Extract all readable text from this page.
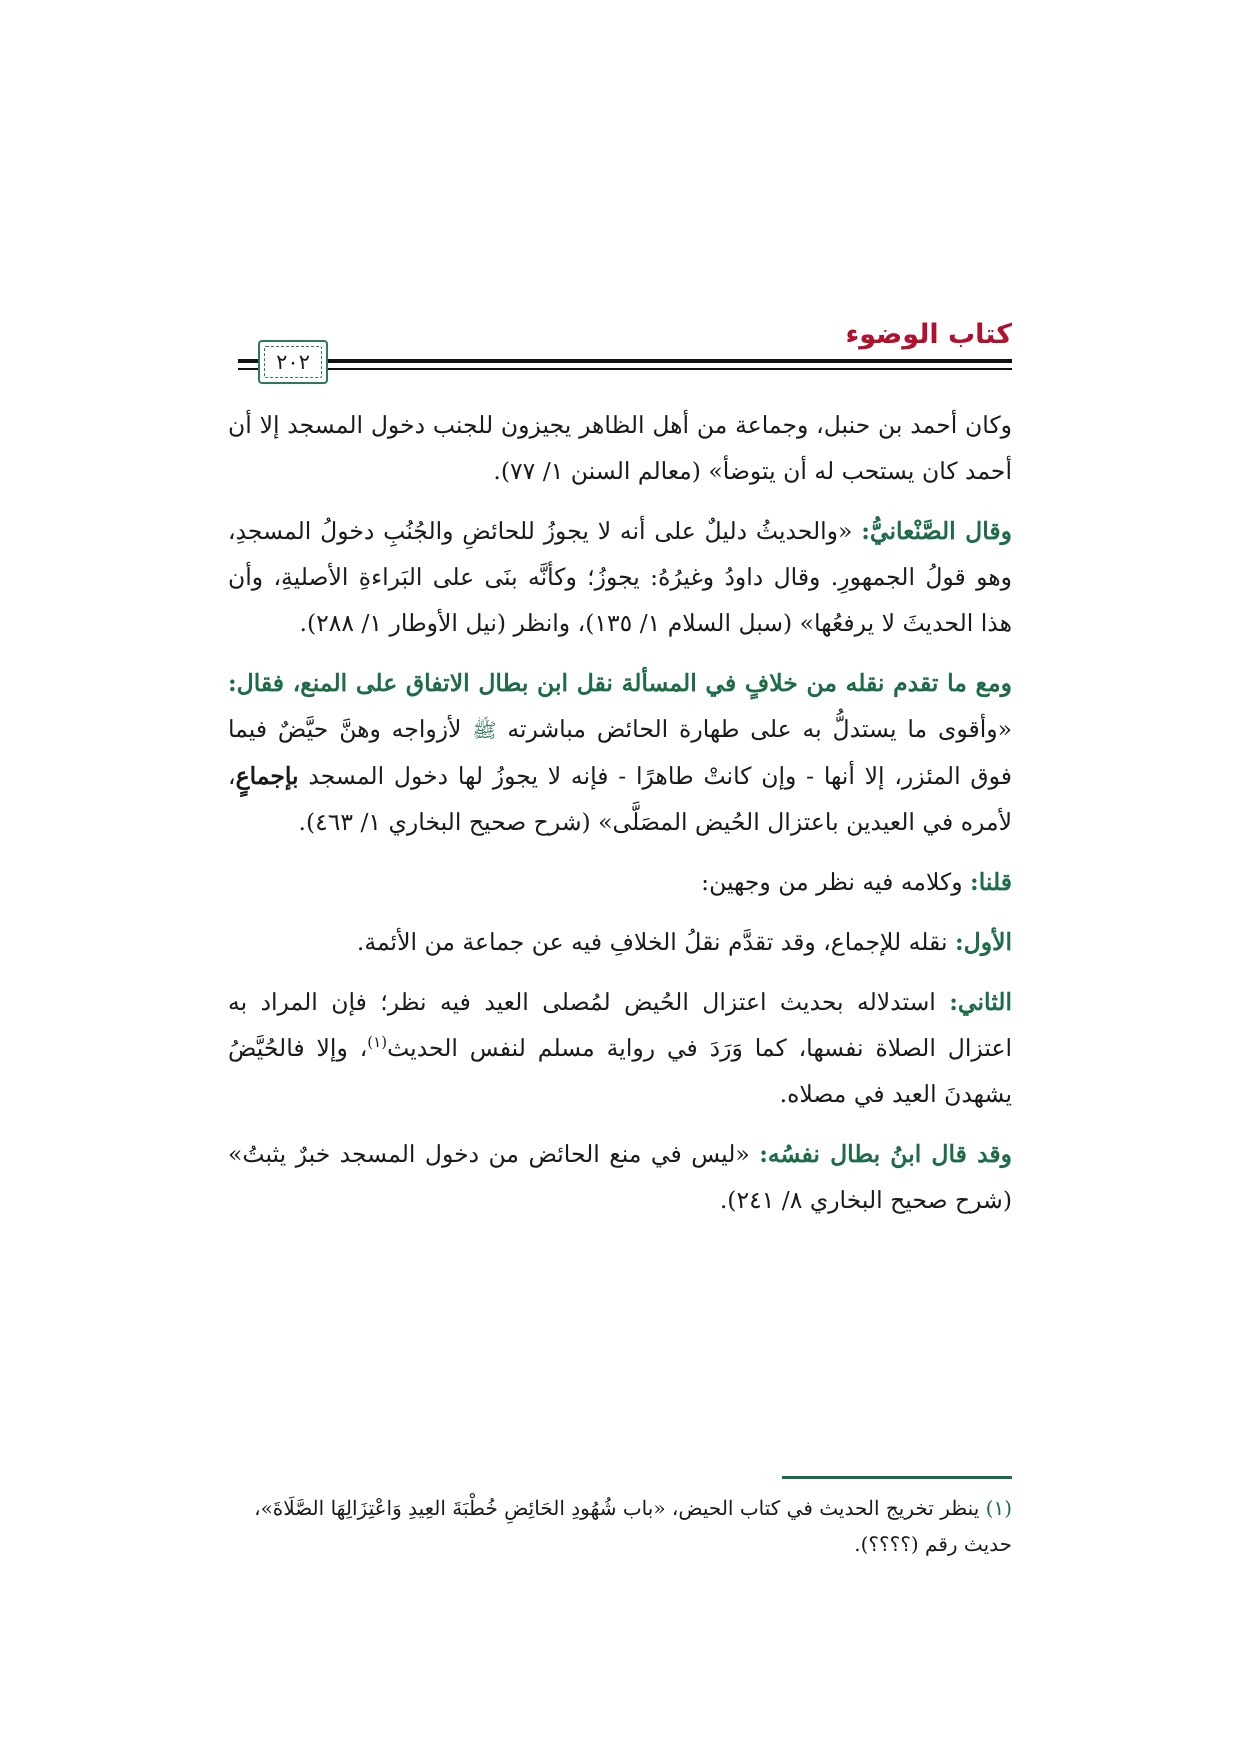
كتاب الوضوء
٢٠٢

وكان أحمد بن حنبل، وجماعة من أهل الظاهر يجيزون للجنب دخول المسجد إلا أن أحمد كان يستحب له أن يتوضأ» (معالم السنن ١/ ٧٧).

وقال الصَّنْعانيُّ: «والحديثُ دليلٌ على أنه لا يجوزُ للحائضِ والجُنُبِ دخولُ المسجدِ، وهو قولُ الجمهورِ. وقال داودُ وغيرُهُ: يجوزُ؛ وكأنَّه بنَى على البَراءةِ الأصليةِ، وأن هذا الحديثَ لا يرفعُها» (سبل السلام ١/ ١٣٥)، وانظر (نيل الأوطار ١/ ٢٨٨).

ومع ما تقدم نقله من خلافٍ في المسألة نقل ابن بطال الاتفاق على المنع، فقال: «وأقوى ما يستدلُّ به على طهارة الحائض مباشرته ﷺ لأزواجه وهنَّ حيَّضٌ فيما فوق المئزر، إلا أنها - وإن كانتْ طاهرًا - فإنه لا يجوزُ لها دخول المسجد بإجماعٍ، لأمره في العيدين باعتزال الحُيض المصَلَّى» (شرح صحيح البخاري ١/ ٤٦٣).

قلنا: وكلامه فيه نظر من وجهين:

الأول: نقله للإجماع، وقد تقدَّم نقلُ الخلافِ فيه عن جماعة من الأئمة.

الثاني: استدلاله بحديث اعتزال الحُيض لمُصلى العيد فيه نظر؛ فإن المراد به اعتزال الصلاة نفسها، كما وَرَدَ في رواية مسلم لنفس الحديث$^{(١)}$، وإلا فالحُيَّضُ يشهدنَ العيد في مصلاه.

وقد قال ابنُ بطال نفسُه: «ليس في منع الحائض من دخول المسجد خبرٌ يثبتُ» (شرح صحيح البخاري ٨/ ٢٤١).

(١) ينظر تخريج الحديث في كتاب الحيض، «باب شُهُودِ الحَائِضِ خُطْبَةَ العِيدِ وَاعْتِزَالِهَا الصَّلَاةَ»، حديث رقم (؟؟؟؟).
